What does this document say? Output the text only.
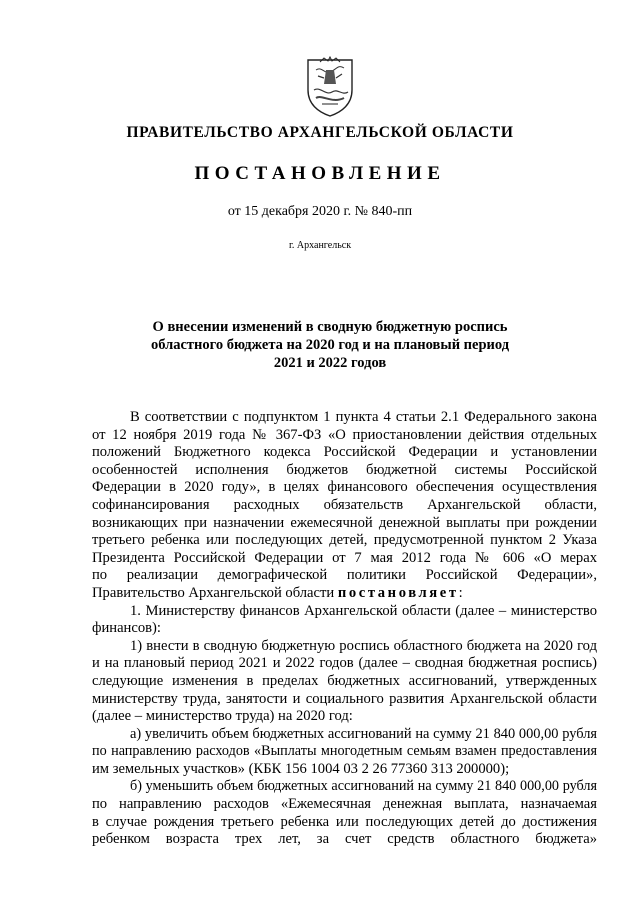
ПРАВИТЕЛЬСТВО АРХАНГЕЛЬСКОЙ ОБЛАСТИ
ПОСТАНОВЛЕНИЕ
от 15 декабря 2020 г. № 840-пп
г. Архангельск
О внесении изменений в сводную бюджетную роспись
областного бюджета на 2020 год и на плановый период
2021 и 2022 годов
В соответствии с подпунктом 1 пункта 4 статьи 2.1 Федерального закона
от 12 ноября 2019 года № 367-ФЗ «О приостановлении действия отдельных
положений Бюджетного кодекса Российской Федерации и установлении
особенностей исполнения бюджетов бюджетной системы Российской
Федерации в 2020 году», в целях финансового обеспечения осуществления
софинансирования расходных обязательств Архангельской области,
возникающих при назначении ежемесячной денежной выплаты при рождении
третьего ребенка или последующих детей, предусмотренной пунктом 2 Указа
Президента Российской Федерации от 7 мая 2012 года № 606 «О мерах
по реализации демографической политики Российской Федерации»,
Правительство Архангельской области постановляет:
1. Министерству финансов Архангельской области (далее – министерство
финансов):
1) внести в сводную бюджетную роспись областного бюджета на 2020 год
и на плановый период 2021 и 2022 годов (далее – сводная бюджетная роспись)
следующие изменения в пределах бюджетных ассигнований, утвержденных
министерству труда, занятости и социального развития Архангельской области
(далее – министерство труда) на 2020 год:
а) увеличить объем бюджетных ассигнований на сумму 21 840 000,00 рубля
по направлению расходов «Выплаты многодетным семьям взамен предоставления
им земельных участков» (КБК 156 1004 03 2 26 77360 313 200000);
б) уменьшить объем бюджетных ассигнований на сумму 21 840 000,00 рубля
по направлению расходов «Ежемесячная денежная выплата, назначаемая
в случае рождения третьего ребенка или последующих детей до достижения
ребенком возраста трех лет, за счет средств областного бюджета»
